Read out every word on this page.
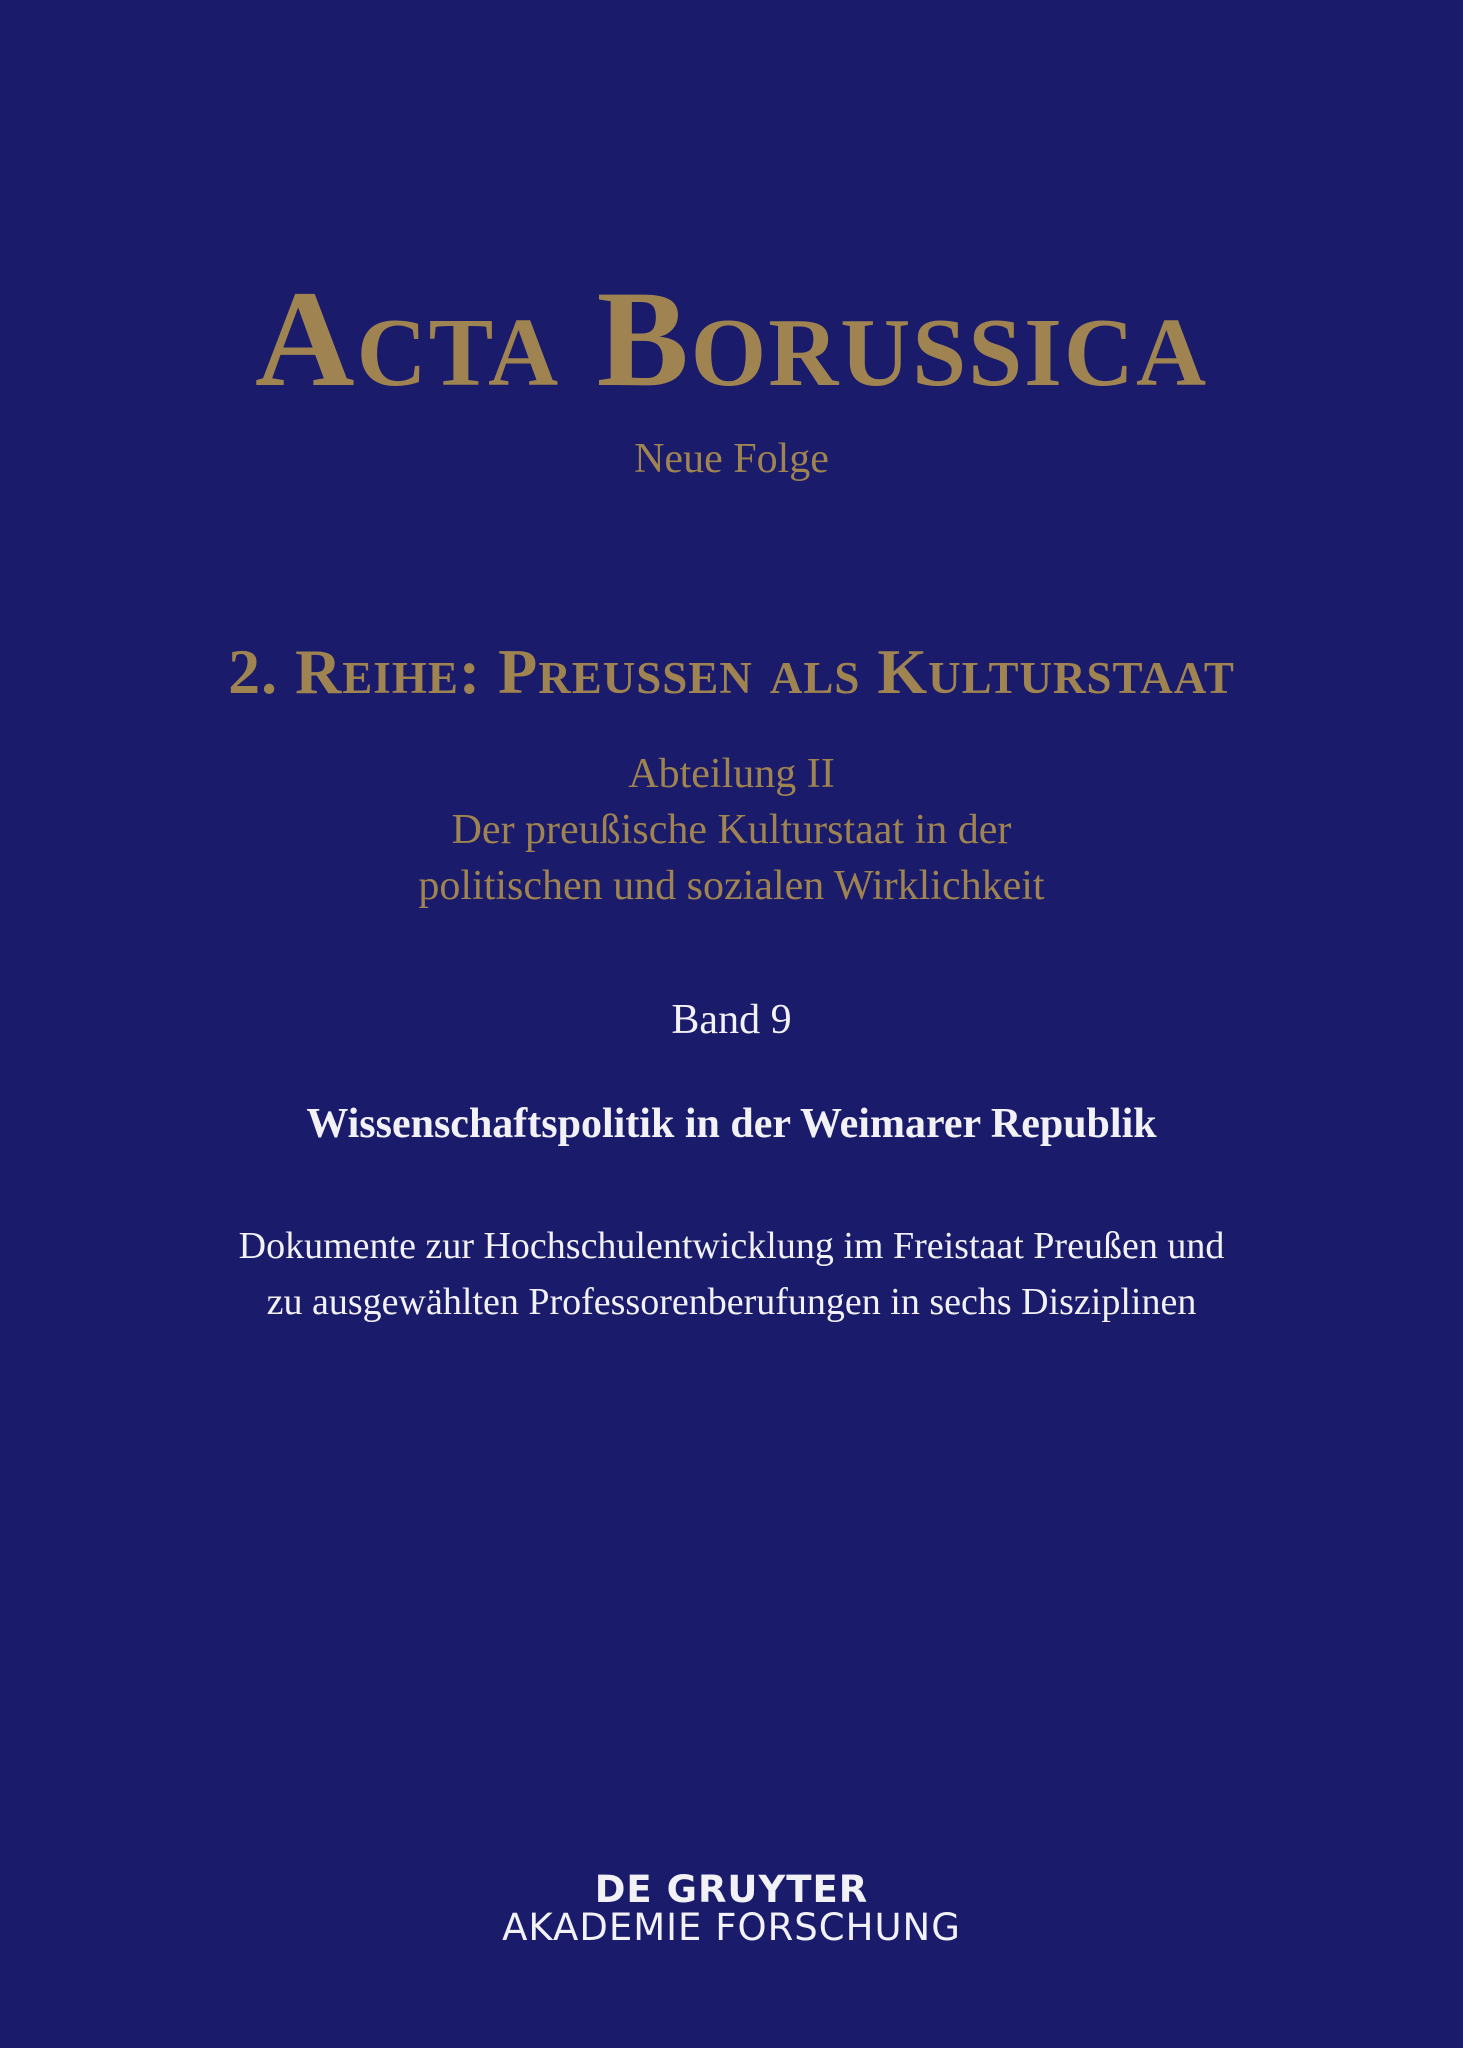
Acta Borussica

Neue Folge

2. Reihe: Preussen als Kulturstaat
Abteilung II
Der preußische Kulturstaat in der
politischen und sozialen Wirklichkeit

Band 9

Wissenschaftspolitik in der Weimarer Republik
Dokumente zur Hochschulentwicklung im Freistaat Preußen und
zu ausgewählten Professorenberufungen in sechs Disziplinen
DE GRUYTER
AKADEMIE FORSCHUNG
